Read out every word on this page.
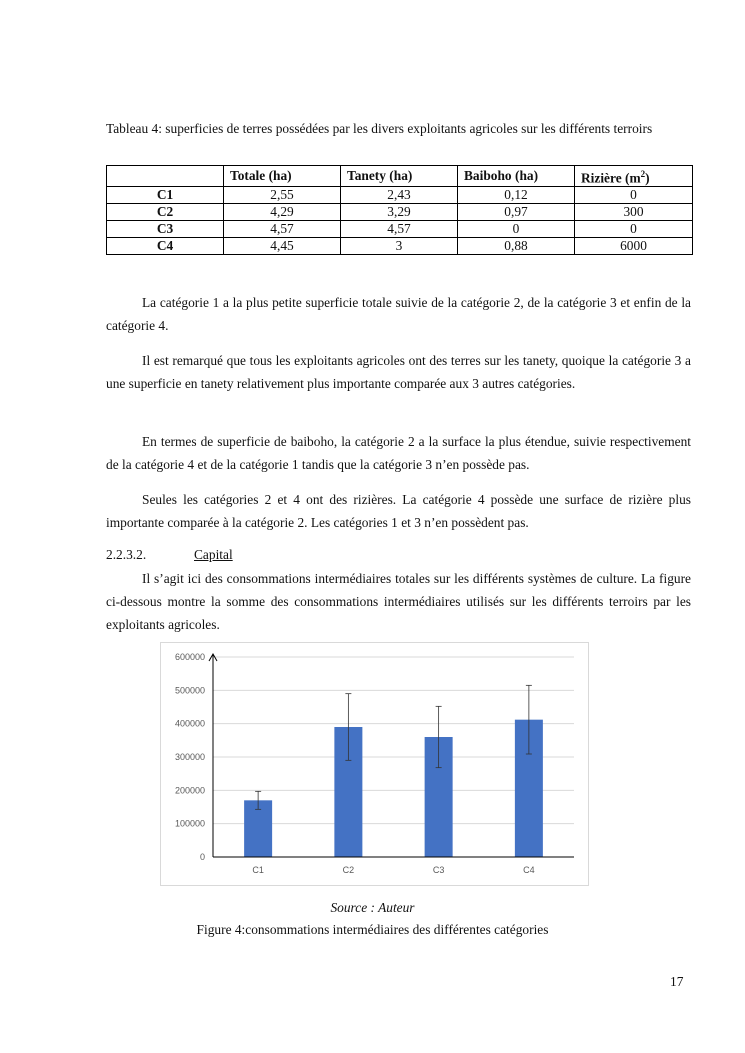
Tableau 4: superficies de terres possédées par les divers exploitants agricoles sur les différents terroirs
	Totale (ha)	Tanety (ha)	Baiboho (ha)	Rizière $(m^2)$
C1	2,55	2,43	0,12	0
C2	4,29	3,29	0,97	300
C3	4,57	4,57	0	0
C4	4,45	3	0,88	6000

La catégorie 1 a la plus petite superficie totale suivie de la catégorie 2, de la catégorie 3 et enfin de la catégorie 4.

Il est remarqué que tous les exploitants agricoles ont des terres sur les tanety, quoique la catégorie 3 a une superficie en tanety relativement plus importante comparée aux 3 autres catégories.

En termes de superficie de baiboho, la catégorie 2 a la surface la plus étendue, suivie respectivement de la catégorie 4 et de la catégorie 1 tandis que la catégorie 3 n’en possède pas.

Seules les catégories 2 et 4 ont des rizières. La catégorie 4 possède une surface de rizière plus importante comparée à la catégorie 2. Les catégories 1 et 3 n’en possèdent pas.

2.2.3.2.	Capital

Il s’agit ici des consommations intermédiaires totales sur les différents systèmes de culture. La figure ci-dessous montre la somme des consommations intermédiaires utilisés sur les différents terroirs par les exploitants agricoles.

0
100000
200000
300000
400000
500000
600000
C1	C2	C3	C4
Source : Auteur
Figure 4:consommations intermédiaires des différentes catégories
17
